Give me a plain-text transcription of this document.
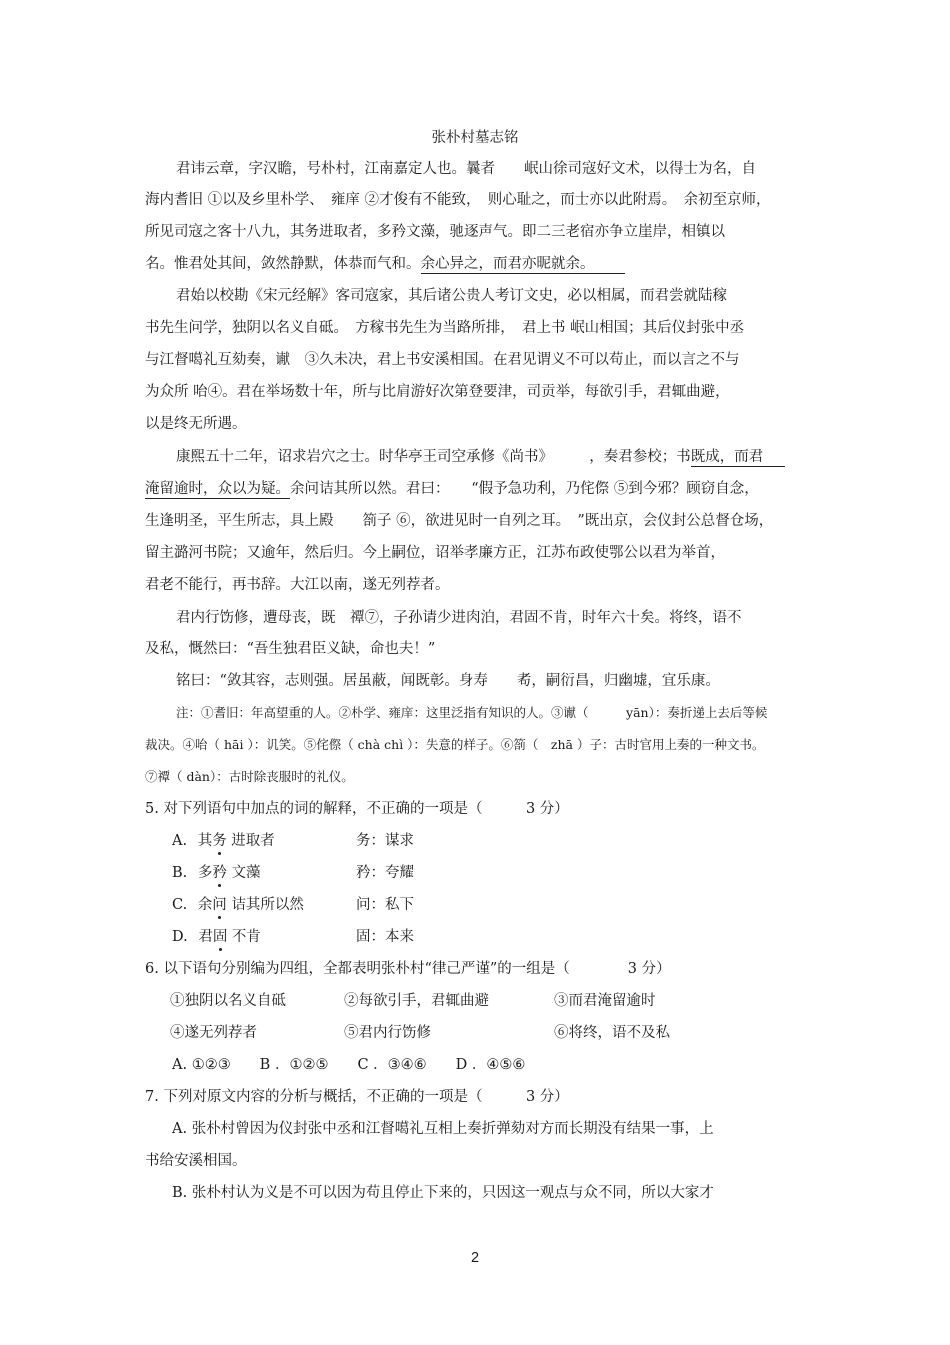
张朴村墓志铭
君讳云章，字汉瞻，号朴村，江南嘉定人也。曩者　　岷山徐司寇好文术，以得士为名，自
海内耆旧 ①以及乡里朴学、　雍庠 ②才俊有不能致，　则心耻之，而士亦以此附焉。　余初至京师，
所见司寇之客十八九，其务进取者，多矜文藻，驰逐声气。即二三老宿亦争立崖岸，相镇以
名。惟君处其间，敛然静默，体恭而气和。余心异之，而君亦昵就余。
君始以校勘《宋元经解》客司寇家，其后诸公贵人考订文史，必以相属，而君尝就陆稼
书先生问学，独阴以名义自砥。　方稼书先生为当路所排，　君上书 岷山相国；其后仪封张中丞
与江督噶礼互劾奏，谳　③久未决，君上书安溪相国。在君见谓义不可以苟止，而以言之不与
为众所 咍④。君在举场数十年，所与比肩游好次第登要津，司贡举，每欲引手，君辄曲避，
以是终无所遇。
康熙五十二年，诏求岩穴之士。时华亭王司空承修《尚书》　　　，奏君参校；书既成，而君
淹留逾时，众以为疑。余问诘其所以然。君曰：　　“假予急功利，乃侘傺 ⑤到今邪？顾窃自念，
生逢明圣，平生所志，具上殿　　箚子 ⑥，欲进见时一自列之耳。　”既出京，会仪封公总督仓场，
留主潞河书院；又逾年，然后归。今上嗣位，诏举孝廉方正，江苏布政使鄂公以君为举首，
君老不能行，再书辞。大江以南，遂无列荐者。
君内行饬修，遭母丧，既　禫⑦，子孙请少进肉泊，君固不肯，时年六十矣。将终，语不
及私，慨然曰：“吾生独君臣义缺，命也夫！”
铭曰：“敛其容，志则强。居虽蔽，闻既彰。身寿　　耇，嗣衍昌，归幽墟，宜乐康。
注：①耆旧：年高望重的人。②朴学、雍庠：这里泛指有知识的人。③谳（　　　yān）：奏折递上去后等候
裁决。④咍（ hāi ）：讥笑。⑤侘傺（ chà chì ）：失意的样子。⑥箚（　zhā ）子：古时官用上奏的一种文书。
⑦禫（ dàn）：古时除丧服时的礼仪。
5. 对下列语句中加点的词的解释，不正确的一项是（　　　3 分）
A. 其务 进取者	务：谋求
B. 多矜 文藻	矜：夸耀
C. 余问 诘其所以然	问：私下
D. 君固 不肯	固：本来
6. 以下语句分别编为四组，全都表明张朴村“律己严谨”的一组是（　　　　3 分）
①独阴以名义自砥	②每欲引手，君辄曲避	③而君淹留逾时
④遂无列荐者	⑤君内行饬修	⑥将终，语不及私
A. ①②③　　B ．①②⑤　　C ．③④⑥　　D ．④⑤⑥
7. 下列对原文内容的分析与概括，不正确的一项是（　　　3 分）
A. 张朴村曾因为仪封张中丞和江督噶礼互相上奏折弹劾对方而长期没有结果一事，上
书给安溪相国。
B. 张朴村认为义是不可以因为苟且停止下来的，只因这一观点与众不同，所以大家才
2
